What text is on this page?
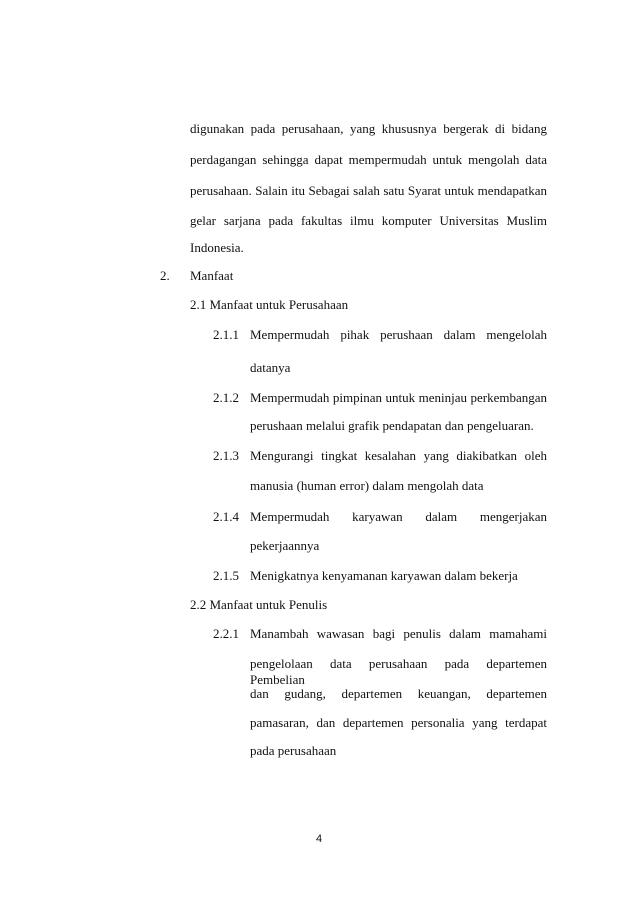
digunakan pada perusahaan, yang khususnya bergerak di bidang
perdagangan sehingga dapat mempermudah untuk mengolah data
perusahaan. Salain itu Sebagai salah satu Syarat untuk mendapatkan
gelar sarjana pada fakultas ilmu komputer Universitas Muslim
Indonesia.
2. Manfaat
2.1 Manfaat untuk Perusahaan
2.1.1 Mempermudah pihak perushaan dalam mengelolah
datanya
2.1.2 Mempermudah pimpinan untuk meninjau perkembangan
perushaan melalui grafik pendapatan dan pengeluaran.
2.1.3 Mengurangi tingkat kesalahan yang diakibatkan oleh
manusia (human error) dalam mengolah data
2.1.4 Mempermudah karyawan dalam mengerjakan
pekerjaannya
2.1.5 Menigkatnya kenyamanan karyawan dalam bekerja
2.2 Manfaat untuk Penulis
2.2.1 Manambah wawasan bagi penulis dalam mamahami
pengelolaan data perusahaan pada departemen Pembelian
dan gudang, departemen keuangan, departemen
pamasaran, dan departemen personalia yang terdapat
pada perusahaan
4
